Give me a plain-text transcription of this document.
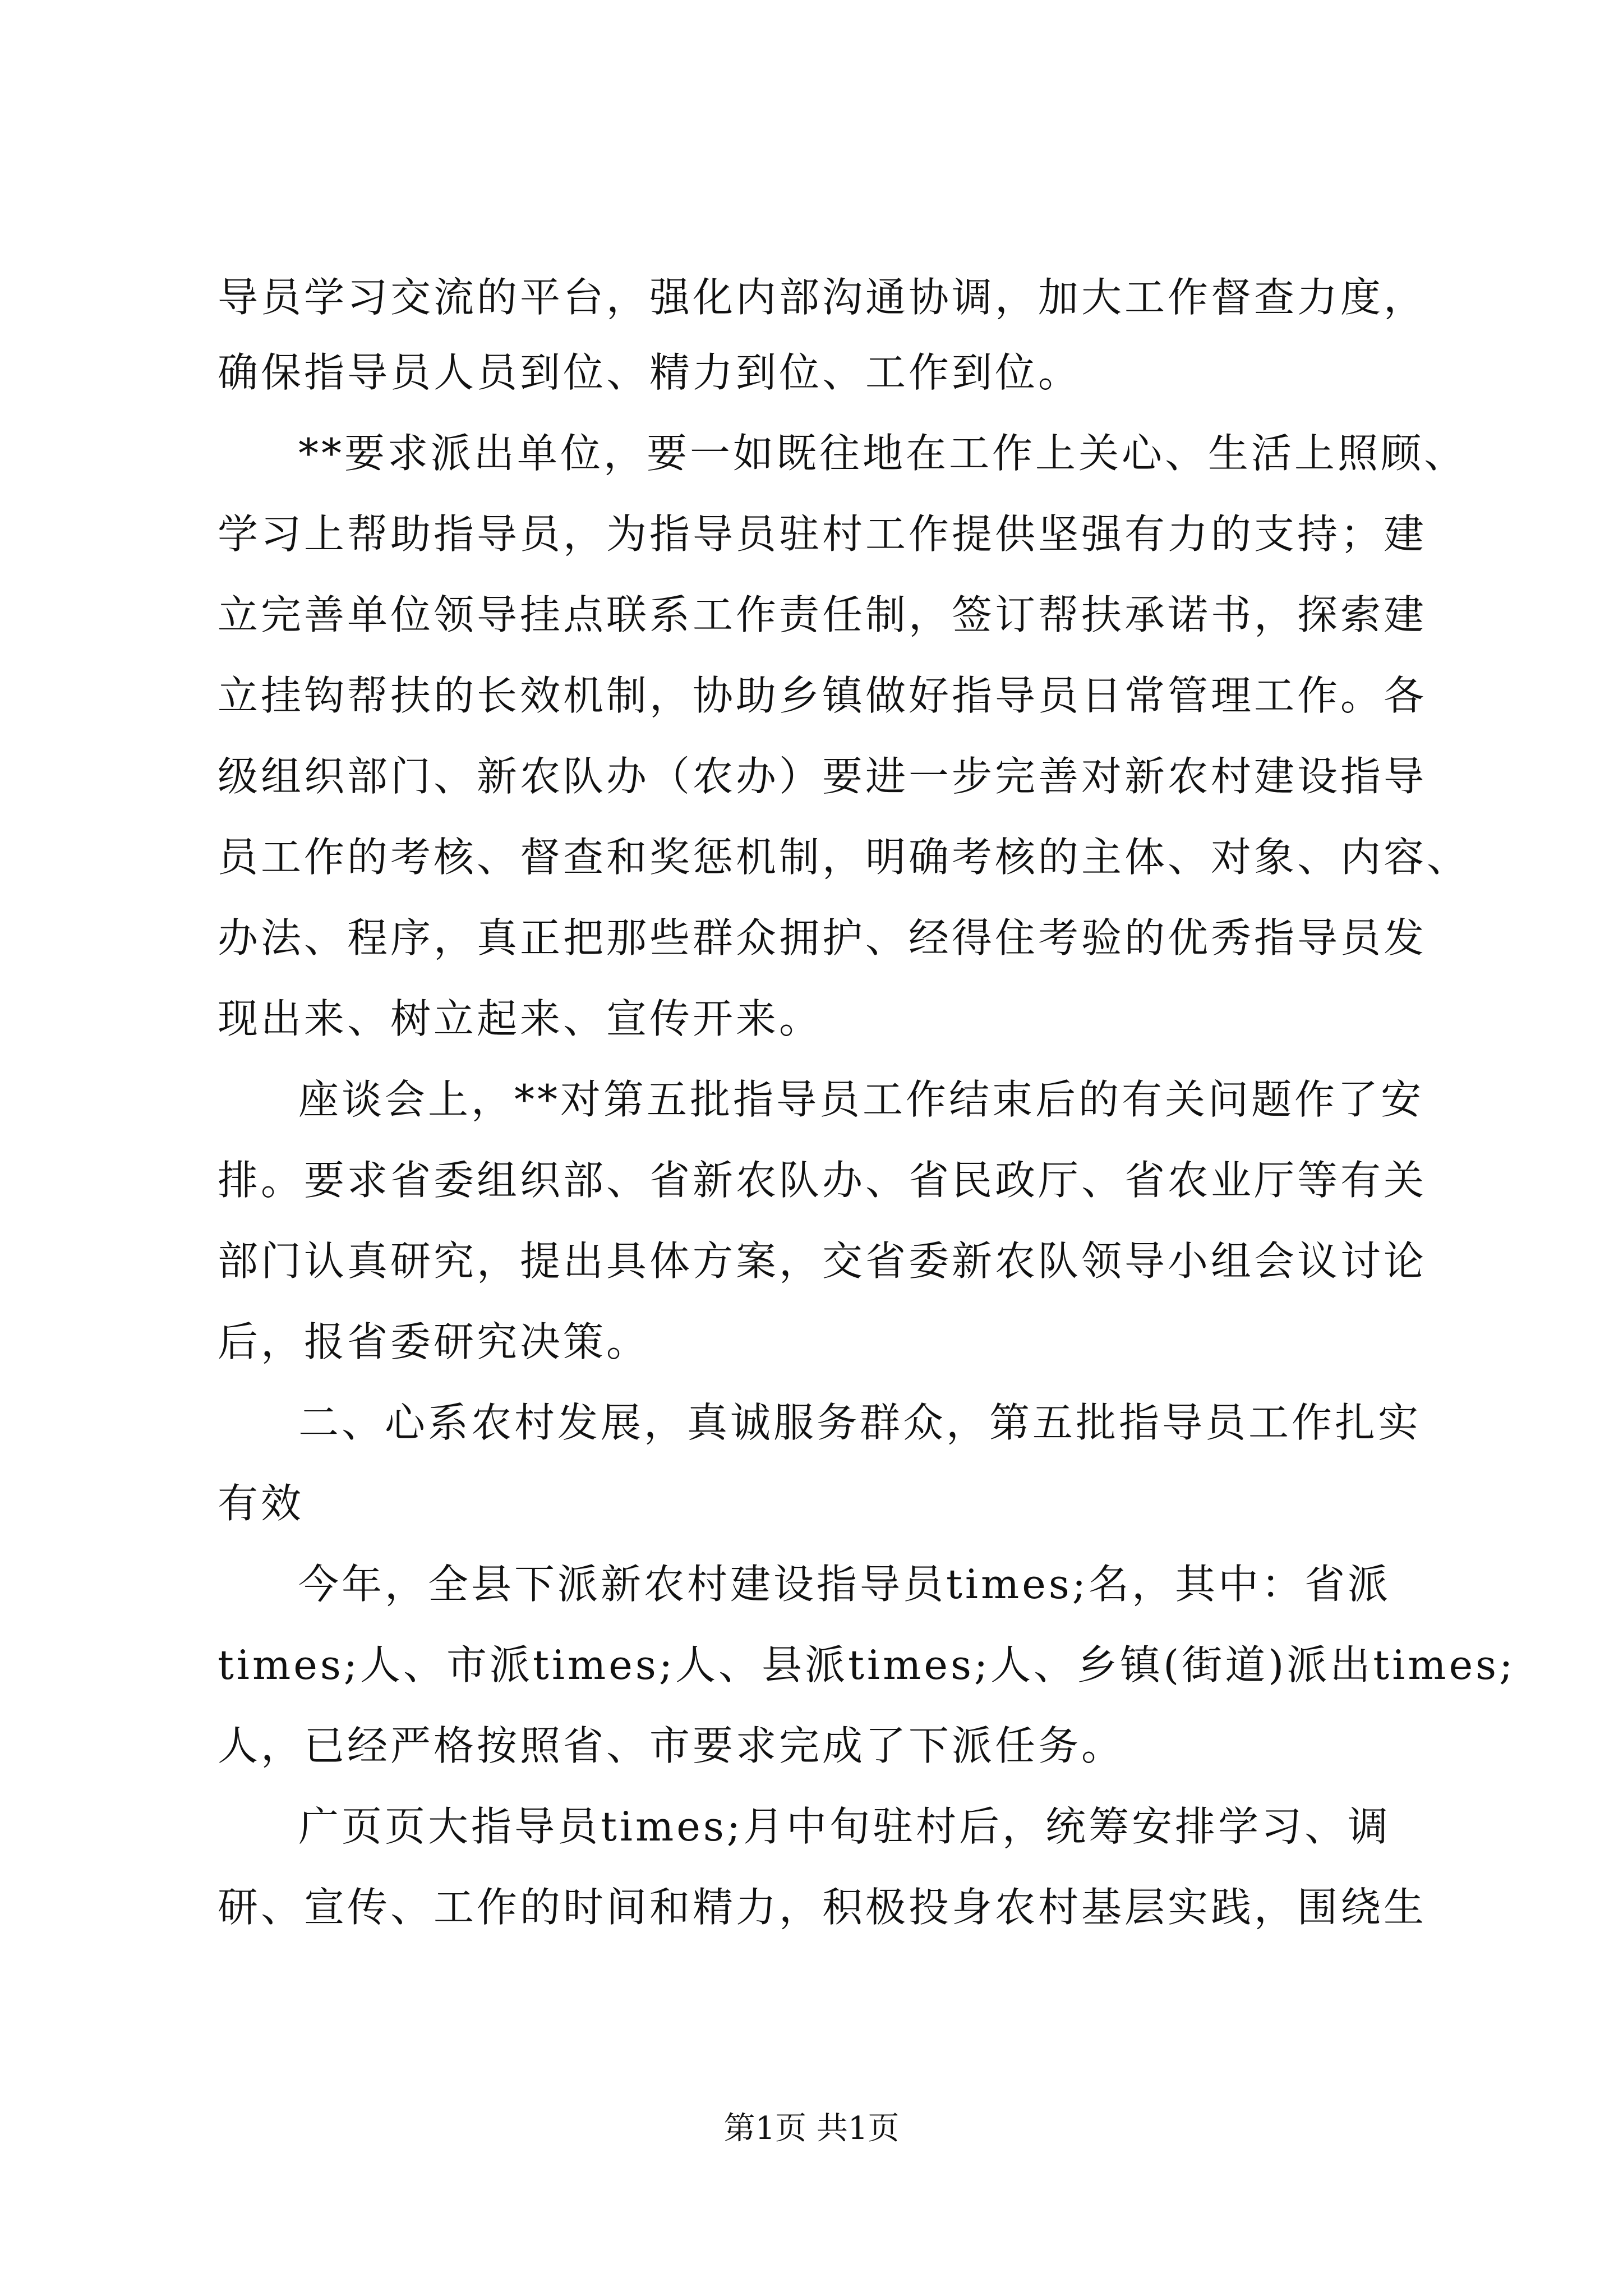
导员学习交流的平台，强化内部沟通协调，加大工作督查力度，
确保指导员人员到位、精力到位、工作到位。
**要求派出单位，要一如既往地在工作上关心、生活上照顾、
学习上帮助指导员，为指导员驻村工作提供坚强有力的支持；建
立完善单位领导挂点联系工作责任制，签订帮扶承诺书，探索建
立挂钩帮扶的长效机制，协助乡镇做好指导员日常管理工作。各
级组织部门、新农队办（农办）要进一步完善对新农村建设指导
员工作的考核、督查和奖惩机制，明确考核的主体、对象、内容、
办法、程序，真正把那些群众拥护、经得住考验的优秀指导员发
现出来、树立起来、宣传开来。
座谈会上，**对第五批指导员工作结束后的有关问题作了安
排。要求省委组织部、省新农队办、省民政厅、省农业厅等有关
部门认真研究，提出具体方案，交省委新农队领导小组会议讨论
后，报省委研究决策。
二、心系农村发展，真诚服务群众，第五批指导员工作扎实
有效
今年，全县下派新农村建设指导员times;名，其中：省派
times;人、市派times;人、县派times;人、乡镇(街道)派出times;
人，已经严格按照省、市要求完成了下派任务。
广页页大指导员times;月中旬驻村后，统筹安排学习、调
研、宣传、工作的时间和精力，积极投身农村基层实践，围绕生
第1页 共1页
